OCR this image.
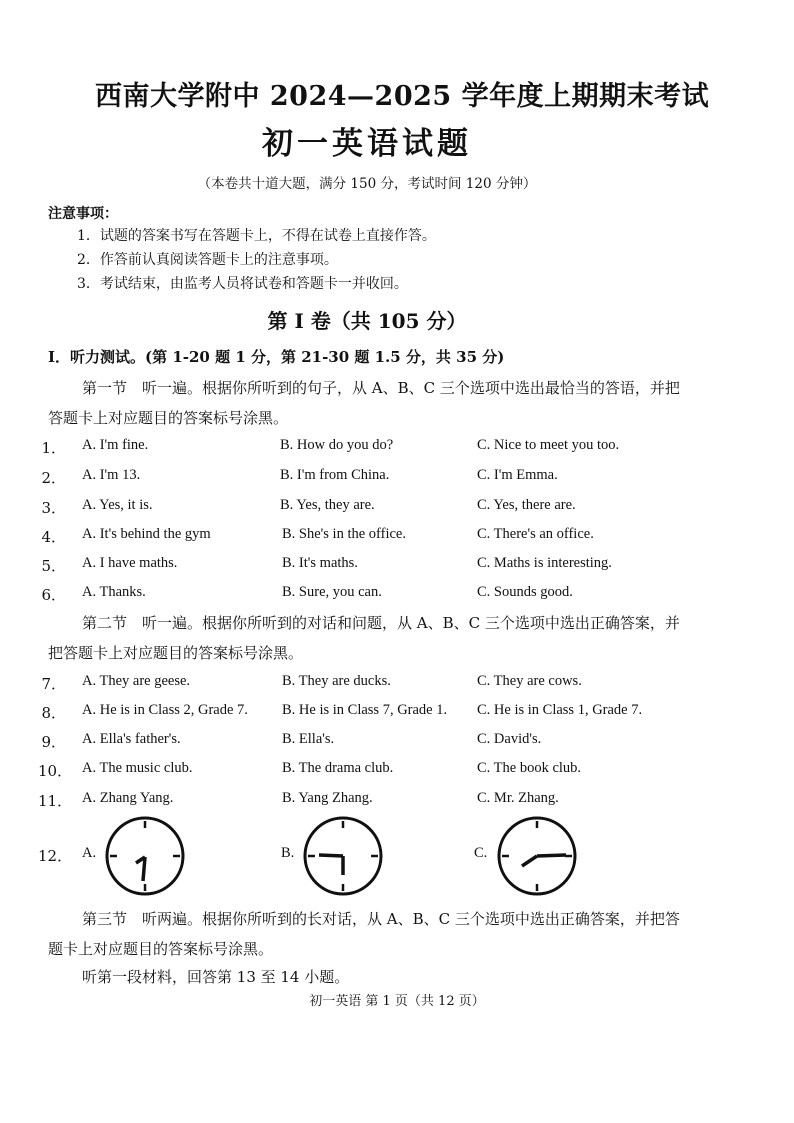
西南大学附中 2024—2025 学年度上期期末考试
初一英语试题
（本卷共十道大题，满分 150 分，考试时间 120 分钟）
注意事项：
1．试题的答案书写在答题卡上，不得在试卷上直接作答。
2．作答前认真阅读答题卡上的注意事项。
3．考试结束，由监考人员将试卷和答题卡一并收回。
第 I 卷（共 105 分）
I．听力测试。(第 1-20 题 1 分，第 21-30 题 1.5 分，共 35 分)
第一节　听一遍。根据你所听到的句子，从 A、B、C 三个选项中选出最恰当的答语，并把
答题卡上对应题目的答案标号涂黑。
1． A. I'm fine.	B. How do you do?	C. Nice to meet you too.
2． A. I'm 13.	B. I'm from China.	C. I'm Emma.
3． A. Yes, it is.	B. Yes, they are.	C. Yes, there are.
4． A. It's behind the gym	B. She's in the office.	C. There's an office.
5． A. I have maths.	B. It's maths.	C. Maths is interesting.
6． A. Thanks.	B. Sure, you can.	C. Sounds good.
第二节　听一遍。根据你所听到的对话和问题，从 A、B、C 三个选项中选出正确答案，并
把答题卡上对应题目的答案标号涂黑。
7． A. They are geese.	B. They are ducks.	C. They are cows.
8． A. He is in Class 2, Grade 7. B. He is in Class 7, Grade 1. C. He is in Class 1, Grade 7.
9． A. Ella's father's.	B. Ella's.	C. David's.
10． A. The music club.	B. The drama club.	C. The book club.
11． A. Zhang Yang.	B. Yang Zhang.	C. Mr. Zhang.
12． A.	B.	C.
第三节　听两遍。根据你所听到的长对话，从 A、B、C 三个选项中选出正确答案，并把答
题卡上对应题目的答案标号涂黑。
听第一段材料，回答第 13 至 14 小题。
初一英语 第 1 页（共 12 页）
